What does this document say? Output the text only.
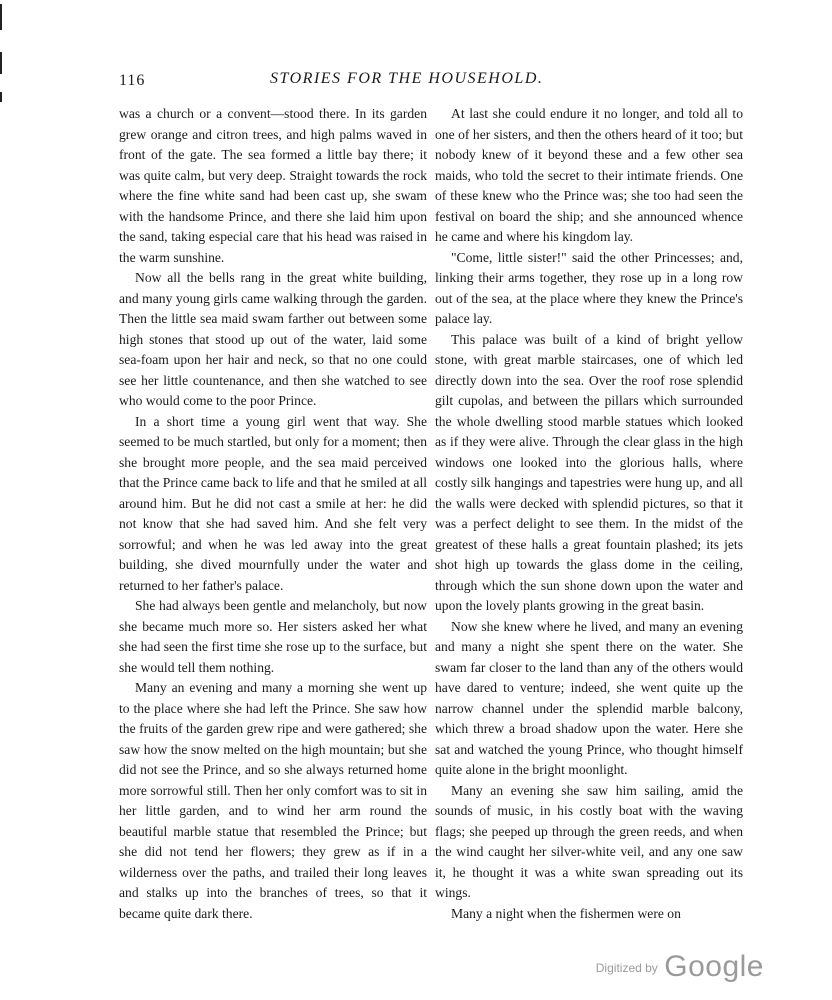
116	STORIES FOR THE HOUSEHOLD.

was a church or a convent—stood there. In its garden grew orange and citron trees, and high palms waved in front of the gate. The sea formed a little bay there; it was quite calm, but very deep. Straight towards the rock where the fine white sand had been cast up, she swam with the handsome Prince, and there she laid him upon the sand, taking especial care that his head was raised in the warm sunshine.

Now all the bells rang in the great white building, and many young girls came walking through the garden. Then the little sea maid swam farther out between some high stones that stood up out of the water, laid some sea-foam upon her hair and neck, so that no one could see her little countenance, and then she watched to see who would come to the poor Prince.

In a short time a young girl went that way. She seemed to be much startled, but only for a moment; then she brought more people, and the sea maid perceived that the Prince came back to life and that he smiled at all around him. But he did not cast a smile at her: he did not know that she had saved him. And she felt very sorrowful; and when he was led away into the great building, she dived mournfully under the water and returned to her father's palace.

She had always been gentle and melancholy, but now she became much more so. Her sisters asked her what she had seen the first time she rose up to the surface, but she would tell them nothing.

Many an evening and many a morning she went up to the place where she had left the Prince. She saw how the fruits of the garden grew ripe and were gathered; she saw how the snow melted on the high mountain; but she did not see the Prince, and so she always returned home more sorrowful still. Then her only comfort was to sit in her little garden, and to wind her arm round the beautiful marble statue that resembled the Prince; but she did not tend her flowers; they grew as if in a wilderness over the paths, and trailed their long leaves and stalks up into the branches of trees, so that it became quite dark there.

At last she could endure it no longer, and told all to one of her sisters, and then the others heard of it too; but nobody knew of it beyond these and a few other sea maids, who told the secret to their intimate friends. One of these knew who the Prince was; she too had seen the festival on board the ship; and she announced whence he came and where his kingdom lay.

"Come, little sister!" said the other Princesses; and, linking their arms together, they rose up in a long row out of the sea, at the place where they knew the Prince's palace lay.

This palace was built of a kind of bright yellow stone, with great marble staircases, one of which led directly down into the sea. Over the roof rose splendid gilt cupolas, and between the pillars which surrounded the whole dwelling stood marble statues which looked as if they were alive. Through the clear glass in the high windows one looked into the glorious halls, where costly silk hangings and tapestries were hung up, and all the walls were decked with splendid pictures, so that it was a perfect delight to see them. In the midst of the greatest of these halls a great fountain plashed; its jets shot high up towards the glass dome in the ceiling, through which the sun shone down upon the water and upon the lovely plants growing in the great basin.

Now she knew where he lived, and many an evening and many a night she spent there on the water. She swam far closer to the land than any of the others would have dared to venture; indeed, she went quite up the narrow channel under the splendid marble balcony, which threw a broad shadow upon the water. Here she sat and watched the young Prince, who thought himself quite alone in the bright moonlight.

Many an evening she saw him sailing, amid the sounds of music, in his costly boat with the waving flags; she peeped up through the green reeds, and when the wind caught her silver-white veil, and any one saw it, he thought it was a white swan spreading out its wings.

Many a night when the fishermen were on

$^{Digitized by}$ Google
